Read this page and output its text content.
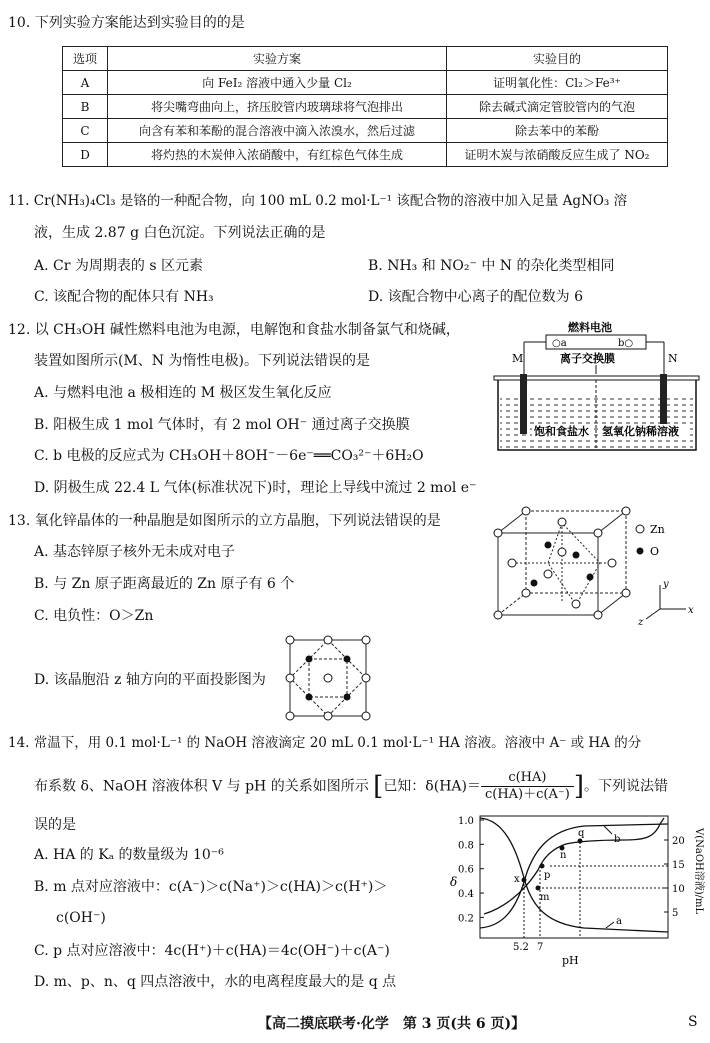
10. 下列实验方案能达到实验目的的是
选项	实验方案	实验目的
A	向 FeI₂ 溶液中通入少量 Cl₂	证明氧化性：Cl₂＞Fe³⁺
B	将尖嘴弯曲向上，挤压胶管内玻璃球将气泡排出	除去碱式滴定管胶管内的气泡
C	向含有苯和苯酚的混合溶液中滴入浓溴水，然后过滤	除去苯中的苯酚
D	将灼热的木炭伸入浓硝酸中，有红棕色气体生成	证明木炭与浓硝酸反应生成了 NO₂
11. Cr(NH₃)₄Cl₃ 是铬的一种配合物，向 100 mL 0.2 mol·L⁻¹ 该配合物的溶液中加入足量 AgNO₃ 溶
液，生成 2.87 g 白色沉淀。下列说法正确的是
A. Cr 为周期表的 s 区元素	B. NH₃ 和 NO₂⁻ 中 N 的杂化类型相同
C. 该配合物的配体只有 NH₃	D. 该配合物中心离子的配位数为 6
12. 以 CH₃OH 碱性燃料电池为电源，电解饱和食盐水制备氯气和烧碱，
装置如图所示(M、N 为惰性电极)。下列说法错误的是
A. 与燃料电池 a 极相连的 M 极区发生氧化反应
B. 阳极生成 1 mol 气体时，有 2 mol OH⁻ 通过离子交换膜
C. b 电极的反应式为 CH₃OH＋8OH⁻－6e⁻══CO₃²⁻＋6H₂O
D. 阴极生成 22.4 L 气体(标准状况下)时，理论上导线中流过 2 mol e⁻
燃料电池
○a	b○
离子交换膜
M	N
饱和食盐水 氢氧化钠稀溶液
13. 氧化锌晶体的一种晶胞是如图所示的立方晶胞，下列说法错误的是
A. 基态锌原子核外无未成对电子
B. 与 Zn 原子距离最近的 Zn 原子有 6 个
C. 电负性：O＞Zn
D. 该晶胞沿 z 轴方向的平面投影图为
Zn
O
y
x
z
14. 常温下，用 0.1 mol·L⁻¹ 的 NaOH 溶液滴定 20 mL 0.1 mol·L⁻¹ HA 溶液。溶液中 A⁻ 或 HA 的分
布系数 δ、NaOH 溶液体积 V 与 pH 的关系如图所示 [已知：$\delta(HA)= \frac{c(HA)}{c(HA)+c(A^-)}$ ]。下列说法错
误的是
A. HA 的 Kₐ 的数量级为 10⁻⁶
B. m 点对应溶液中：c(A⁻)＞c(Na⁺)＞c(HA)＞c(H⁺)＞
c(OH⁻)
C. p 点对应溶液中：4c(H⁺)＋c(HA)＝4c(OH⁻)＋c(A⁻)
D. m、p、n、q 四点溶液中，水的电离程度最大的是 q 点
1.0
0.8
0.6
0.4
0.2
20
15
10
5
x
m
p
n
q
b
a
5.2 7
pH
δ	V(NaOH溶液)/mL
【高二摸底联考·化学　第 3 页(共 6 页)】	S
